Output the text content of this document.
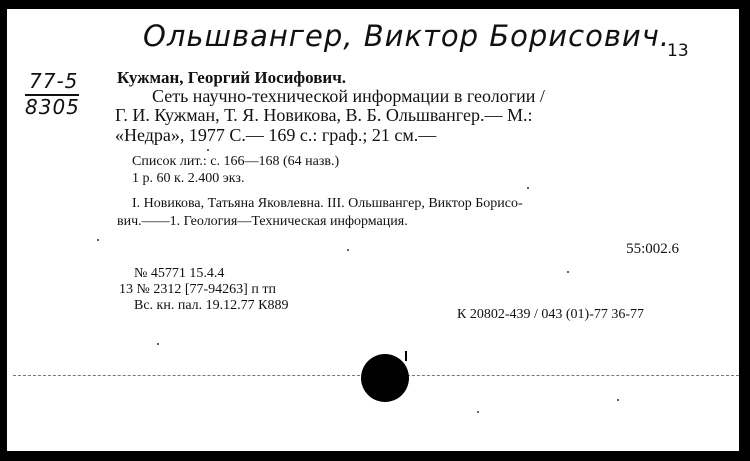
Ольшвангер, Виктор Борисович.
13
77-5
8305
Кужман, Георгий Иосифович.
Сеть научно-технической информации в геологии /
Г. И. Кужман, Т. Я. Новикова, В. Б. Ольшвангер.— М.:
«Недра», 1977 С.— 169 с.: граф.; 21 см.—
Список лит.: с. 166—168 (64 назв.)
1 р. 60 к. 2.400 экз.
I. Новикова, Татьяна Яковлевна. III. Ольшвангер, Виктор Борисо-
вич.——1. Геология—Техническая информация.
55:002.6
№ 45771 15.4.4
13 № 2312 [77-94263] п тп
Вс. кн. пал. 19.12.77 К889
К 20802-439 / 043 (01)-77 36-77
